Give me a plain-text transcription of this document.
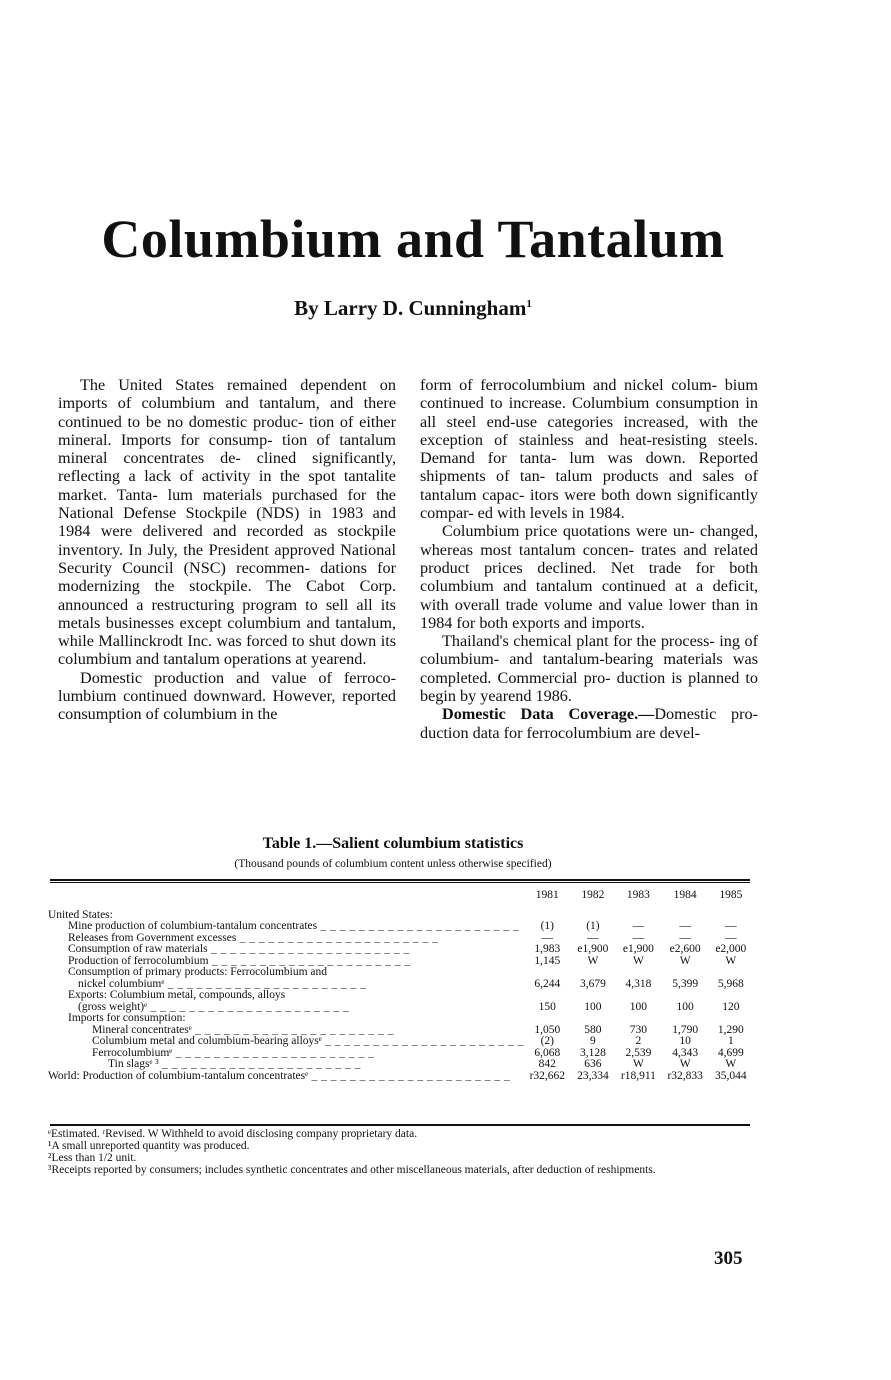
Columbium and Tantalum
By Larry D. Cunningham$^1$

The United States remained dependent on imports of columbium and tantalum, and there continued to be no domestic produc- tion of either mineral. Imports for consump- tion of tantalum mineral concentrates de- clined significantly, reflecting a lack of activity in the spot tantalite market. Tanta- lum materials purchased for the National Defense Stockpile (NDS) in 1983 and 1984 were delivered and recorded as stockpile inventory. In July, the President approved National Security Council (NSC) recommen- dations for modernizing the stockpile. The Cabot Corp. announced a restructuring program to sell all its metals businesses except columbium and tantalum, while Mallinckrodt Inc. was forced to shut down its columbium and tantalum operations at yearend.

Domestic production and value of ferroco- lumbium continued downward. However, reported consumption of columbium in the

form of ferrocolumbium and nickel colum- bium continued to increase. Columbium consumption in all steel end-use categories increased, with the exception of stainless and heat-resisting steels. Demand for tanta- lum was down. Reported shipments of tan- talum products and sales of tantalum capac- itors were both down significantly compar- ed with levels in 1984.

Columbium price quotations were un- changed, whereas most tantalum concen- trates and related product prices declined. Net trade for both columbium and tantalum continued at a deficit, with overall trade volume and value lower than in 1984 for both exports and imports.

Thailand's chemical plant for the process- ing of columbium- and tantalum-bearing materials was completed. Commercial pro- duction is planned to begin by yearend 1986.

Domestic Data Coverage.—Domestic pro- duction data for ferrocolumbium are devel-

Table 1.—Salient columbium statistics
(Thousand pounds of columbium content unless otherwise specified)
	1981	1982	1983	1984	1985
United States:					
Mine production of columbium-tantalum concentrates _ _ _ _ _ _ _ _ _ _ _ _ _ _ _ _ _ _ _ _ _	(1)	(1)	—	—	—
Releases from Government excesses _ _ _ _ _ _ _ _ _ _ _ _ _ _ _ _ _ _ _ _ _	—	—	—	—	—
Consumption of raw materials _ _ _ _ _ _ _ _ _ _ _ _ _ _ _ _ _ _ _ _ _	1,983	e1,900	e1,900	e2,600	e2,000
Production of ferrocolumbium _ _ _ _ _ _ _ _ _ _ _ _ _ _ _ _ _ _ _ _ _	1,145	W	W	W	W
Consumption of primary products: Ferrocolumbium and					
nickel columbiumᵉ _ _ _ _ _ _ _ _ _ _ _ _ _ _ _ _ _ _ _ _ _	6,244	3,679	4,318	5,399	5,968
Exports: Columbium metal, compounds, alloys					
(gross weight)ᵉ _ _ _ _ _ _ _ _ _ _ _ _ _ _ _ _ _ _ _ _ _	150	100	100	100	120
Imports for consumption:					
Mineral concentratesᵉ _ _ _ _ _ _ _ _ _ _ _ _ _ _ _ _ _ _ _ _ _	1,050	580	730	1,790	1,290
Columbium metal and columbium-bearing alloysᵉ _ _ _ _ _ _ _ _ _ _ _ _ _ _ _ _ _ _ _ _ _	(2)	9	2	10	1
Ferrocolumbiumᵉ _ _ _ _ _ _ _ _ _ _ _ _ _ _ _ _ _ _ _ _ _	6,068	3,128	2,539	4,343	4,699
Tin slagsᵉ ³ _ _ _ _ _ _ _ _ _ _ _ _ _ _ _ _ _ _ _ _ _	842	636	W	W	W
World: Production of columbium-tantalum concentratesᵉ _ _ _ _ _ _ _ _ _ _ _ _ _ _ _ _ _ _ _ _ _	r32,662	23,334	r18,911	r32,833	35,044
ᵉEstimated. ʳRevised. W Withheld to avoid disclosing company proprietary data.
¹A small unreported quantity was produced.
²Less than 1/2 unit.
³Receipts reported by consumers; includes synthetic concentrates and other miscellaneous materials, after deduction of reshipments.
305
